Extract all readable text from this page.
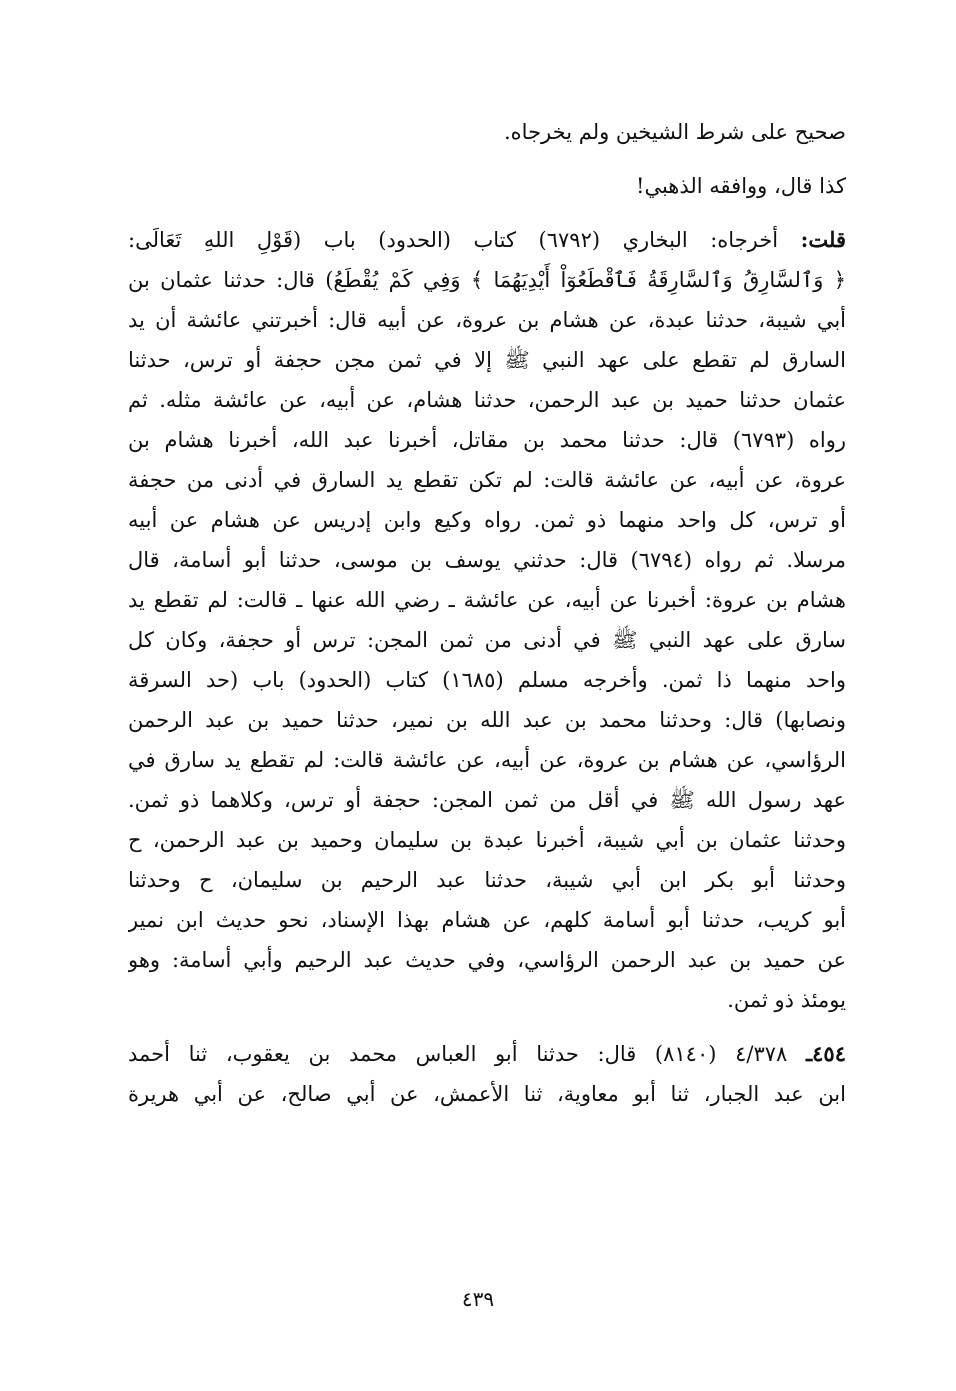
صحيح على شرط الشيخين ولم يخرجاه.
كذا قال، ووافقه الذهبي!
قلت: أخرجاه: البخاري (٦٧٩٢) كتاب (الحدود) باب (قَوْلِ اللهِ تَعَالَى:
﴿ وَٱلسَّارِقُ وَٱلسَّارِقَةُ فَٱقْطَعُوٓاْ أَيْدِيَهُمَا ﴾ وَفِي كَمْ يُقْطَعُ) قال: حدثنا عثمان بن
أبي شيبة، حدثنا عبدة، عن هشام بن عروة، عن أبيه قال: أخبرتني عائشة أن يد
السارق لم تقطع على عهد النبي ﷺ إلا في ثمن مجن حجفة أو ترس، حدثنا
عثمان حدثنا حميد بن عبد الرحمن، حدثنا هشام، عن أبيه، عن عائشة مثله. ثم
رواه (٦٧٩٣) قال: حدثنا محمد بن مقاتل، أخبرنا عبد الله، أخبرنا هشام بن
عروة، عن أبيه، عن عائشة قالت: لم تكن تقطع يد السارق في أدنى من حجفة
أو ترس، كل واحد منهما ذو ثمن. رواه وكيع وابن إدريس عن هشام عن أبيه
مرسلا. ثم رواه (٦٧٩٤) قال: حدثني يوسف بن موسى، حدثنا أبو أسامة، قال
هشام بن عروة: أخبرنا عن أبيه، عن عائشة ـ رضي الله عنها ـ قالت: لم تقطع يد
سارق على عهد النبي ﷺ في أدنى من ثمن المجن: ترس أو حجفة، وكان كل
واحد منهما ذا ثمن. وأخرجه مسلم (١٦٨٥) كتاب (الحدود) باب (حد السرقة
ونصابها) قال: وحدثنا محمد بن عبد الله بن نمير، حدثنا حميد بن عبد الرحمن
الرؤاسي، عن هشام بن عروة، عن أبيه، عن عائشة قالت: لم تقطع يد سارق في
عهد رسول الله ﷺ في أقل من ثمن المجن: حجفة أو ترس، وكلاهما ذو ثمن.
وحدثنا عثمان بن أبي شيبة، أخبرنا عبدة بن سليمان وحميد بن عبد الرحمن، ح
وحدثنا أبو بكر ابن أبي شيبة، حدثنا عبد الرحيم بن سليمان، ح وحدثنا
أبو كريب، حدثنا أبو أسامة كلهم، عن هشام بهذا الإسناد، نحو حديث ابن نمير
عن حميد بن عبد الرحمن الرؤاسي، وفي حديث عبد الرحيم وأبي أسامة: وهو
يومئذ ذو ثمن.
٤٥٤ـ ٤/٣٧٨ (٨١٤٠) قال: حدثنا أبو العباس محمد بن يعقوب، ثنا أحمد
ابن عبد الجبار، ثنا أبو معاوية، ثنا الأعمش، عن أبي صالح، عن أبي هريرة
٤٣٩
